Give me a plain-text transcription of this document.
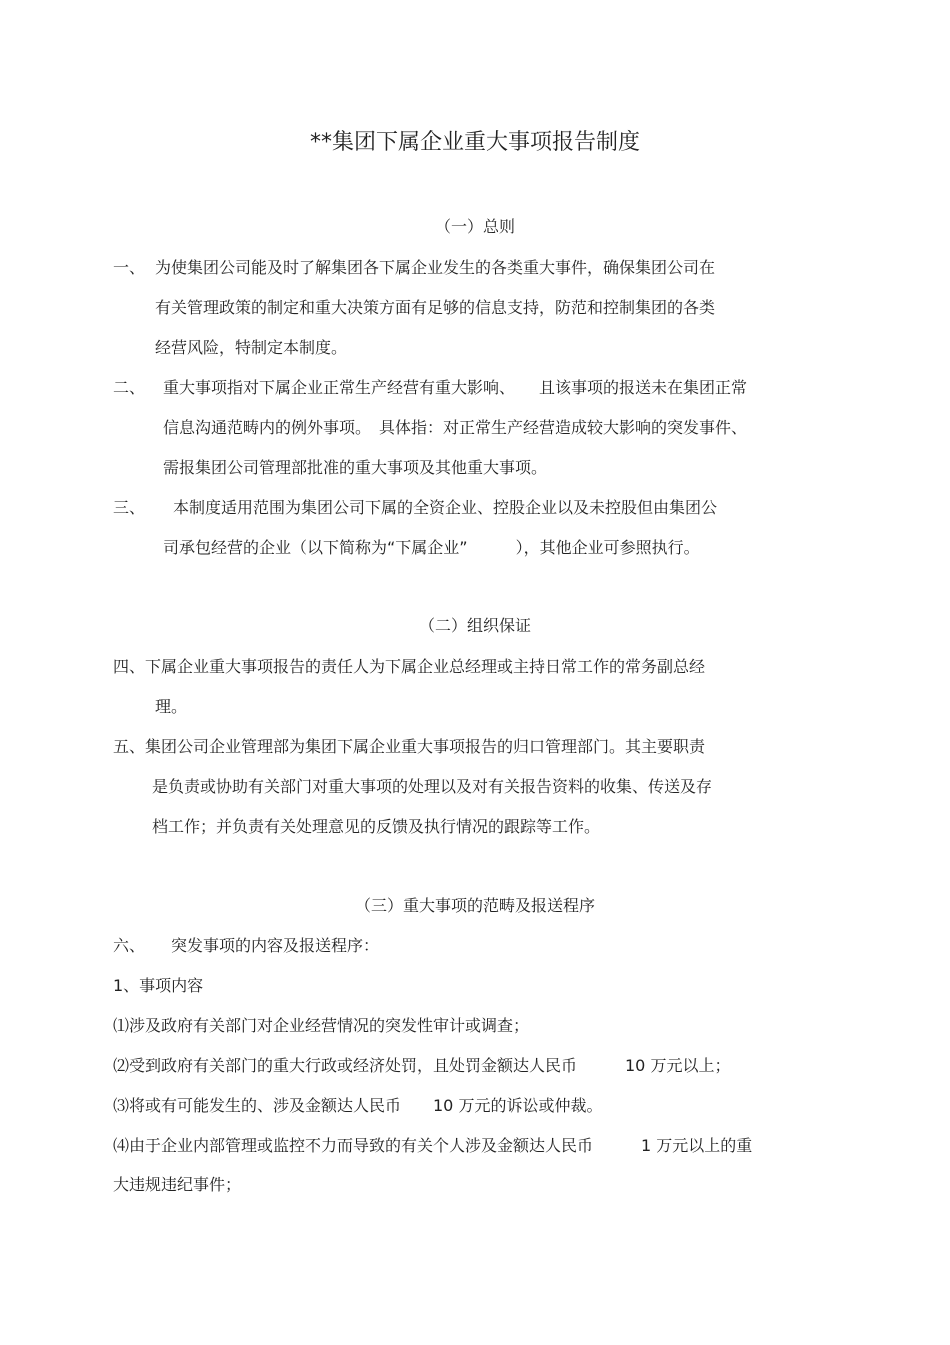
**集团下属企业重大事项报告制度
（一）总则
一、 为使集团公司能及时了解集团各下属企业发生的各类重大事件，确保集团公司在
有关管理政策的制定和重大决策方面有足够的信息支持，防范和控制集团的各类
经营风险，特制定本制度。
二、 重大事项指对下属企业正常生产经营有重大影响、　　且该事项的报送未在集团正常
信息沟通范畴内的例外事项。　具体指：对正常生产经营造成较大影响的突发事件、
需报集团公司管理部批准的重大事项及其他重大事项。
三、 本制度适用范围为集团公司下属的全资企业、控股企业以及未控股但由集团公
司承包经营的企业（以下简称为“下属企业”　　　），其他企业可参照执行。
（二）组织保证
四、下属企业重大事项报告的责任人为下属企业总经理或主持日常工作的常务副总经
理。
五、集团公司企业管理部为集团下属企业重大事项报告的归口管理部门。其主要职责
是负责或协助有关部门对重大事项的处理以及对有关报告资料的收集、传送及存
档工作；并负责有关处理意见的反馈及执行情况的跟踪等工作。
（三）重大事项的范畴及报送程序
六、 突发事项的内容及报送程序：
1、事项内容
⑴涉及政府有关部门对企业经营情况的突发性审计或调查；
⑵受到政府有关部门的重大行政或经济处罚，且处罚金额达人民币　　　10 万元以上；
⑶将或有可能发生的、涉及金额达人民币　　10 万元的诉讼或仲裁。
⑷由于企业内部管理或监控不力而导致的有关个人涉及金额达人民币　　　1 万元以上的重
大违规违纪事件；
